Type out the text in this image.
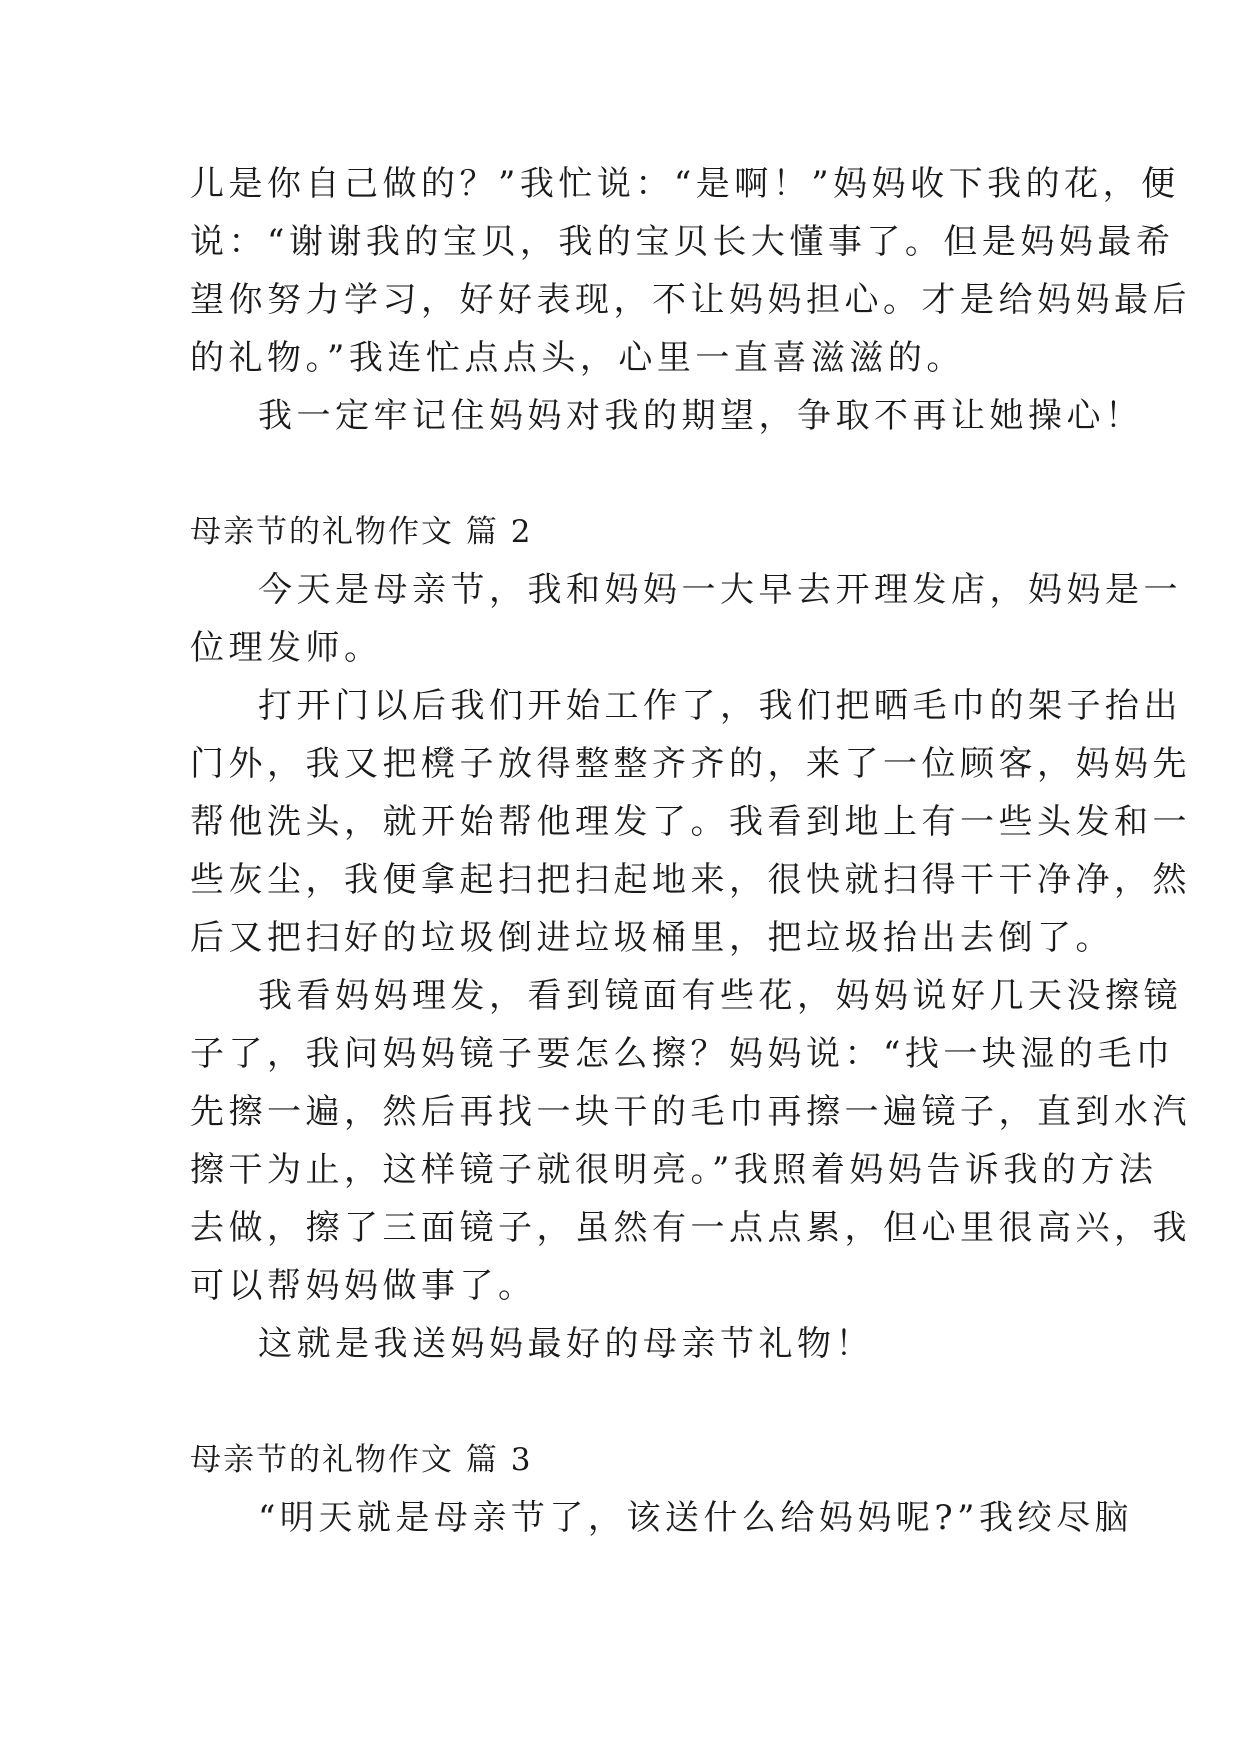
儿是你自己做的？”我忙说：“是啊！”妈妈收下我的花，便
说：“谢谢我的宝贝，我的宝贝长大懂事了。但是妈妈最希
望你努力学习，好好表现，不让妈妈担心。才是给妈妈最后
的礼物。”我连忙点点头，心里一直喜滋滋的。
我一定牢记住妈妈对我的期望，争取不再让她操心！
母亲节的礼物作文 篇 2
今天是母亲节，我和妈妈一大早去开理发店，妈妈是一
位理发师。
打开门以后我们开始工作了，我们把晒毛巾的架子抬出
门外，我又把櫈子放得整整齐齐的，来了一位顾客，妈妈先
帮他洗头，就开始帮他理发了。我看到地上有一些头发和一
些灰尘，我便拿起扫把扫起地来，很快就扫得干干净净，然
后又把扫好的垃圾倒进垃圾桶里，把垃圾抬出去倒了。
我看妈妈理发，看到镜面有些花，妈妈说好几天没擦镜
子了，我问妈妈镜子要怎么擦？妈妈说：“找一块湿的毛巾
先擦一遍，然后再找一块干的毛巾再擦一遍镜子，直到水汽
擦干为止，这样镜子就很明亮。”我照着妈妈告诉我的方法
去做，擦了三面镜子，虽然有一点点累，但心里很高兴，我
可以帮妈妈做事了。
这就是我送妈妈最好的母亲节礼物！
母亲节的礼物作文 篇 3
“明天就是母亲节了，该送什么给妈妈呢?”我绞尽脑
